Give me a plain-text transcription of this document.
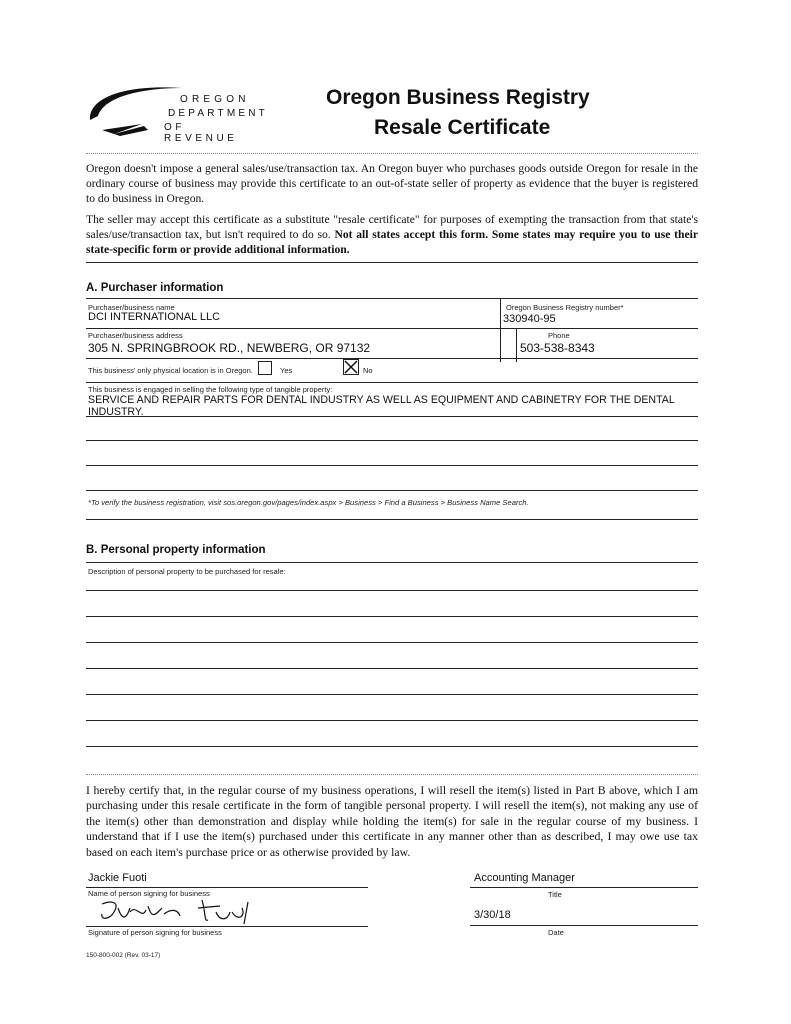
OREGON
DEPARTMENT
OF REVENUE
Oregon Business Registry
Resale Certificate
Oregon doesn't impose a general sales/use/transaction tax. An Oregon buyer who purchases goods outside Oregon for resale in the ordinary course of business may provide this certificate to an out-of-state seller of property as evidence that the buyer is registered to do business in Oregon.
The seller may accept this certificate as a substitute "resale certificate" for purposes of exempting the transaction from that state's sales/use/transaction tax, but isn't required to do so. Not all states accept this form. Some states may require you to use their state-specific form or provide additional information.
A. Purchaser information
Purchaser/business name
DCI INTERNATIONAL LLC
Oregon Business Registry number*
330940-95
Purchaser/business address
305 N. SPRINGBROOK RD., NEWBERG, OR 97132
Phone
503-538-8343
This business' only physical location is in Oregon.	Yes	No
This business is engaged in selling the following type of tangible property:
SERVICE AND REPAIR PARTS FOR DENTAL INDUSTRY AS WELL AS EQUIPMENT AND CABINETRY FOR THE DENTAL
INDUSTRY.
*To verify the business registration, visit sos.oregon.gov/pages/index.aspx > Business > Find a Business > Business Name Search.
B. Personal property information
Description of personal property to be purchased for resale:
I hereby certify that, in the regular course of my business operations, I will resell the item(s) listed in Part B above, which I am purchasing under this resale certificate in the form of tangible personal property. I will resell the item(s), not making any use of the item(s) other than demonstration and display while holding the item(s) for sale in the regular course of my business. I understand that if I use the item(s) purchased under this certificate in any manner other than as described, I may owe use tax based on each item's purchase price or as otherwise provided by law.
Jackie Fuoti
Name of person signing for business
Accounting Manager
Title
Signature of person signing for business
3/30/18
Date
150-800-002 (Rev. 03-17)
